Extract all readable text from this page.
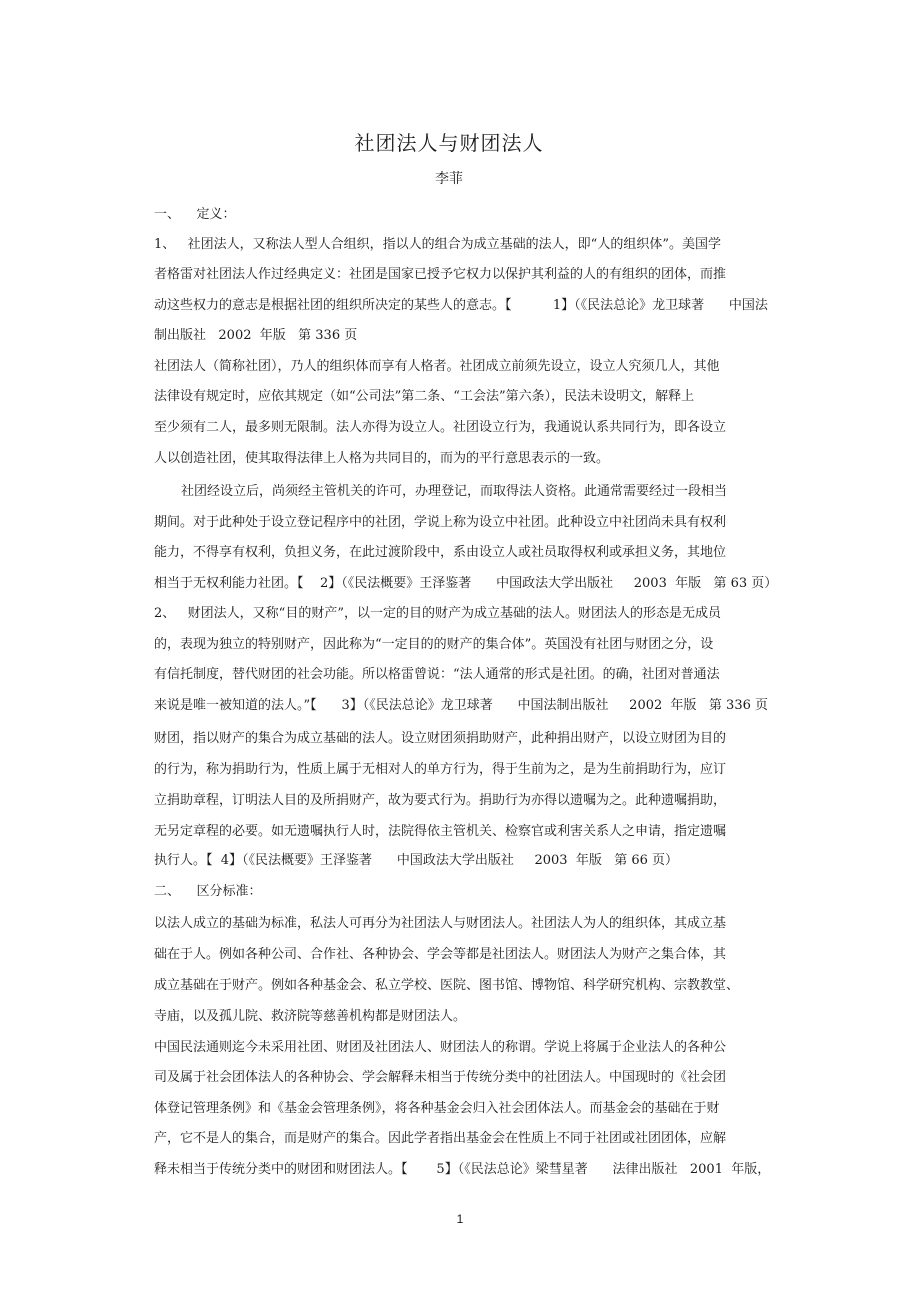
社团法人与财团法人
李菲
一、    定义：
1、   社团法人，又称法人型人合组织，指以人的组合为成立基础的法人，即“人的组织体”。美国学
者格雷对社团法人作过经典定义：社团是国家已授予它权力以保护其利益的人的有组织的团体，而推
动这些权力的意志是根据社团的组织所决定的某些人的意志。【          1】（《民法总论》龙卫球著      中国法
制出版社   2002  年版   第 336 页
社团法人（简称社团），乃人的组织体而享有人格者。社团成立前须先设立，设立人究须几人，其他
法律设有规定时，应依其规定（如“公司法”第二条、“工会法”第六条），民法未设明文，解释上
至少须有二人，最多则无限制。法人亦得为设立人。社团设立行为，我通说认系共同行为，即各设立
人以创造社团，使其取得法律上人格为共同目的，而为的平行意思表示的一致。
社团经设立后，尚须经主管机关的许可，办理登记，而取得法人资格。此通常需要经过一段相当
期间。对于此种处于设立登记程序中的社团，学说上称为设立中社团。此种设立中社团尚未具有权利
能力，不得享有权利，负担义务，在此过渡阶段中，系由设立人或社员取得权利或承担义务，其地位
相当于无权利能力社团。【    2】（《民法概要》王泽鉴著      中国政法大学出版社     2003  年版   第 63 页）
2、   财团法人，又称“目的财产”，以一定的目的财产为成立基础的法人。财团法人的形态是无成员
的，表现为独立的特别财产，因此称为“一定目的的财产的集合体”。英国没有社团与财团之分，设
有信托制度，替代财团的社会功能。所以格雷曾说：“法人通常的形式是社团。的确，社团对普通法
来说是唯一被知道的法人。”【      3】（《民法总论》龙卫球著      中国法制出版社     2002  年版   第 336 页
财团，指以财产的集合为成立基础的法人。设立财团须捐助财产，此种捐出财产，以设立财团为目的
的行为，称为捐助行为，性质上属于无相对人的单方行为，得于生前为之，是为生前捐助行为，应订
立捐助章程，订明法人目的及所捐财产，故为要式行为。捐助行为亦得以遗嘱为之。此种遗嘱捐助，
无另定章程的必要。如无遗嘱执行人时，法院得依主管机关、检察官或利害关系人之申请，指定遗嘱
执行人。【  4】（《民法概要》王泽鉴著      中国政法大学出版社     2003  年版   第 66 页）
二、    区分标准：
以法人成立的基础为标准，私法人可再分为社团法人与财团法人。社团法人为人的组织体，其成立基
础在于人。例如各种公司、合作社、各种协会、学会等都是社团法人。财团法人为财产之集合体，其
成立基础在于财产。例如各种基金会、私立学校、医院、图书馆、博物馆、科学研究机构、宗教教堂、
寺庙，以及孤儿院、救济院等慈善机构都是财团法人。
中国民法通则迄今未采用社团、财团及社团法人、财团法人的称谓。学说上将属于企业法人的各种公
司及属于社会团体法人的各种协会、学会解释未相当于传统分类中的社团法人。中国现时的《社会团
体登记管理条例》和《基金会管理条例》，将各种基金会归入社会团体法人。而基金会的基础在于财
产，它不是人的集合，而是财产的集合。因此学者指出基金会在性质上不同于社团或社团团体，应解
释未相当于传统分类中的财团和财团法人。【       5】（《民法总论》梁彗星著      法律出版社   2001  年版，
1
